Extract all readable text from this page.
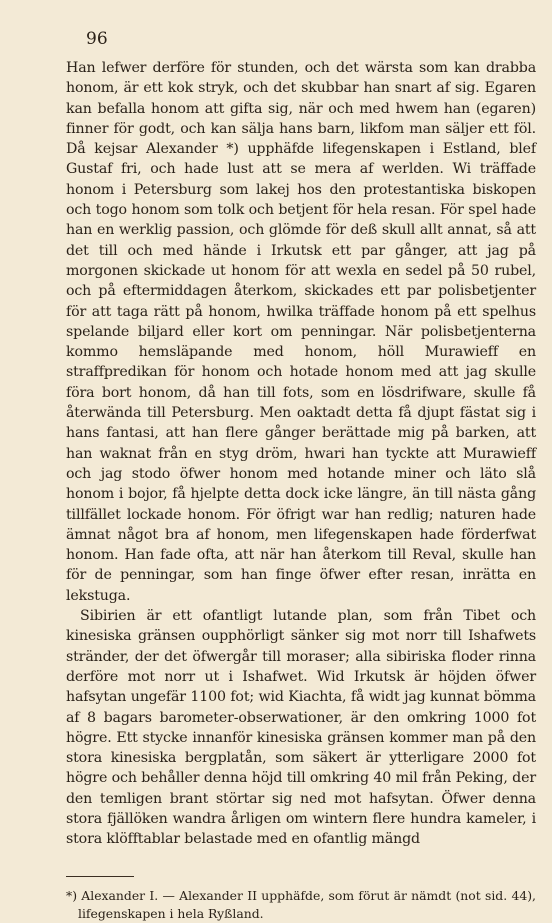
96

Han lefwer derföre för stunden, och det wärsta som kan drabba honom, är ett kok stryk, och det skubbar han snart af sig. Egaren kan befalla honom att gifta sig, när och med hwem han (egaren) finner för godt, och kan sälja hans barn, likfom man säljer ett föl. Då kejsar Alexander *) upphäfde lifegenskapen i Estland, blef Gustaf fri, och hade lust att se mera af werlden. Wi träffade honom i Petersburg som lakej hos den protestantiska biskopen och togo honom som tolk och betjent för hela resan. För spel hade han en werklig passion, och glömde för deß skull allt annat, så att det till och med hände i Irkutsk ett par gånger, att jag på morgonen skickade ut honom för att wexla en sedel på 50 rubel, och på eftermiddagen återkom, skickades ett par polisbetjenter för att taga rätt på honom, hwilka träffade honom på ett spelhus spelande biljard eller kort om penningar. När polisbetjenterna kommo hemsläpande med honom, höll Murawieff en straffpredikan för honom och hotade honom med att jag skulle föra bort honom, då han till fots, som en lösdrifware, skulle få återwända till Petersburg. Men oaktadt detta få djupt fästat sig i hans fantasi, att han flere gånger berättade mig på barken, att han waknat från en styg dröm, hwari han tyckte att Murawieff och jag stodo öfwer honom med hotande miner och läto slå honom i bojor, få hjelpte detta dock icke längre, än till nästa gång tillfället lockade honom. För öfrigt war han redlig; naturen hade ämnat något bra af honom, men lifegenskapen hade förderfwat honom. Han fade ofta, att när han återkom till Reval, skulle han för de penningar, som han finge öfwer efter resan, inrätta en lekstuga.

Sibirien är ett ofantligt lutande plan, som från Tibet och kinesiska gränsen oupphörligt sänker sig mot norr till Ishafwets stränder, der det öfwergår till moraser; alla sibiriska floder rinna derföre mot norr ut i Ishafwet. Wid Irkutsk är höjden öfwer hafsytan ungefär 1100 fot; wid Kiachta, få widt jag kunnat bömma af 8 bagars barometer-obserwationer, är den omkring 1000 fot högre. Ett stycke innanför kinesiska gränsen kommer man på den stora kinesiska bergplatån, som säkert är ytterligare 2000 fot högre och behåller denna höjd till omkring 40 mil från Peking, der den temligen brant störtar sig ned mot hafsytan. Öfwer denna stora fjällöken wandra årligen om wintern flere hundra kameler, i stora klöfftablar belastade med en ofantlig mängd

*) Alexander I. — Alexander II upphäfde, som förut är nämdt (not sid. 44), lifegenskapen i hela Ryßland.
